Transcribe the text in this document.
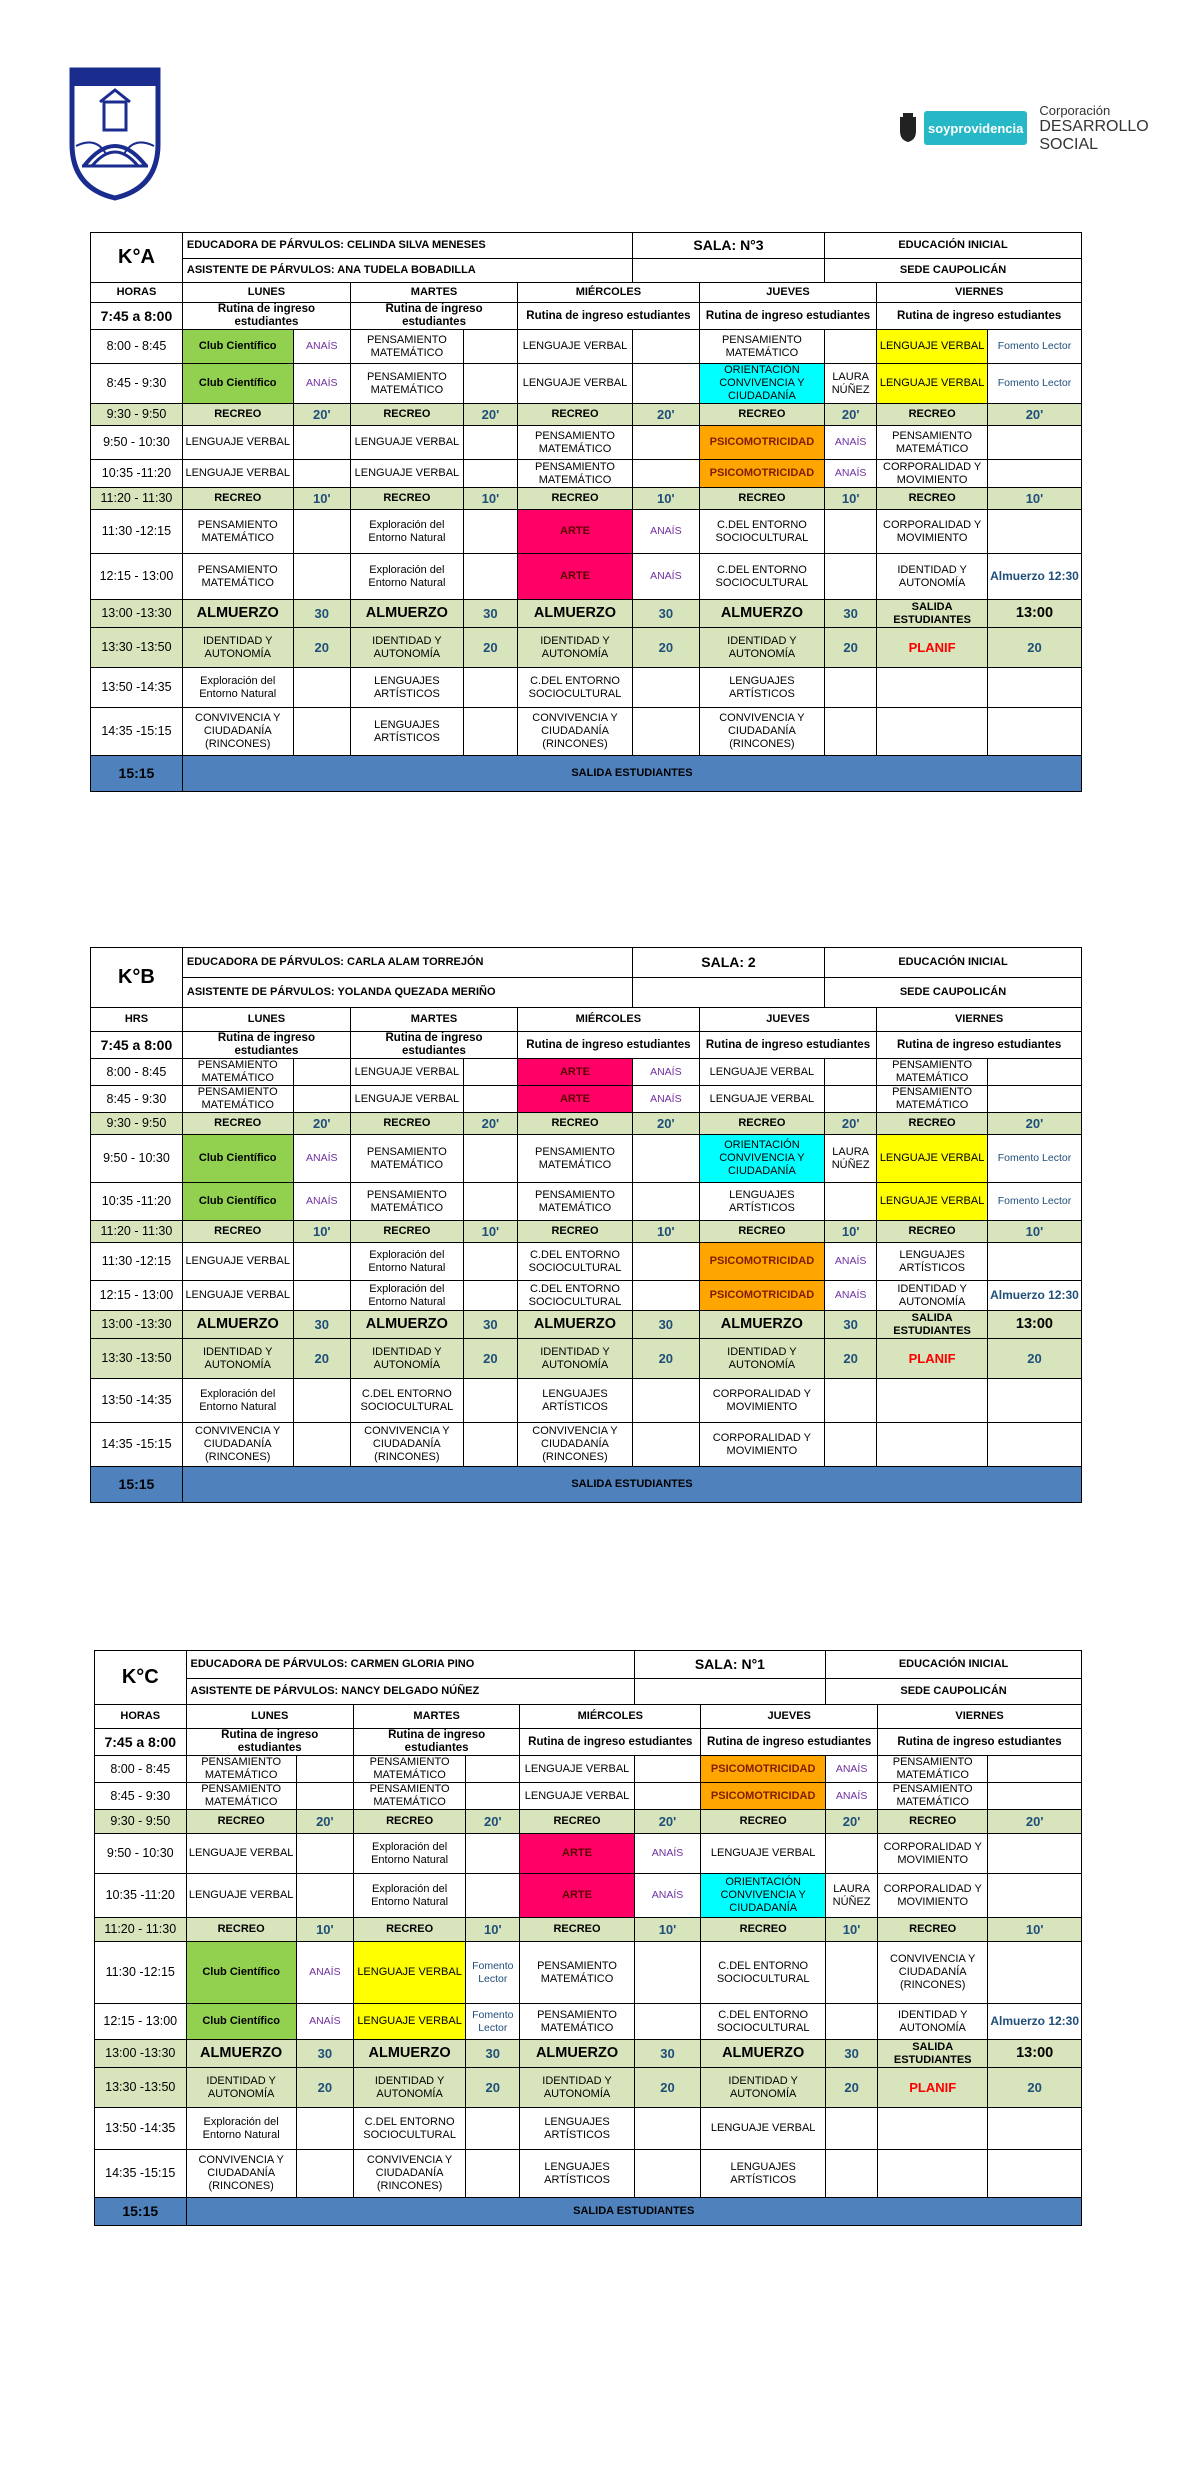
soyprovidencia
Corporación
DESARROLLO
SOCIAL
K°A	EDUCADORA DE PÁRVULOS: CELINDA SILVA MENESES					SALA: N°3		EDUCACIÓN INICIAL		
	ASISTENTE DE PÁRVULOS: ANA TUDELA BOBADILLA							SEDE CAUPOLICÁN		
HORAS	LUNES		MARTES		MIÉRCOLES		JUEVES		VIERNES	
7:45 a 8:00	Rutina de ingreso estudiantes		Rutina de ingreso estudiantes		Rutina de ingreso estudiantes		Rutina de ingreso estudiantes		Rutina de ingreso estudiantes	
8:00 - 8:45	Club Científico	ANAÍS	PENSAMIENTO MATEMÁTICO		LENGUAJE VERBAL		PENSAMIENTO MATEMÁTICO		LENGUAJE VERBAL	Fomento Lector
8:45 - 9:30	Club Científico	ANAÍS	PENSAMIENTO MATEMÁTICO		LENGUAJE VERBAL		ORIENTACIÓN CONVIVENCIA Y CIUDADANÍA	LAURA NÚÑEZ	LENGUAJE VERBAL	Fomento Lector
9:30 - 9:50	RECREO	20'	RECREO	20'	RECREO	20'	RECREO	20'	RECREO	20'
9:50 - 10:30	LENGUAJE VERBAL		LENGUAJE VERBAL		PENSAMIENTO MATEMÁTICO		PSICOMOTRICIDAD	ANAÍS	PENSAMIENTO MATEMÁTICO	
10:35 -11:20	LENGUAJE VERBAL		LENGUAJE VERBAL		PENSAMIENTO MATEMÁTICO		PSICOMOTRICIDAD	ANAÍS	CORPORALIDAD Y MOVIMIENTO	
11:20 - 11:30	RECREO	10'	RECREO	10'	RECREO	10'	RECREO	10'	RECREO	10'
11:30 -12:15	PENSAMIENTO MATEMÁTICO		Exploración del Entorno Natural		ARTE	ANAÍS	C.DEL ENTORNO SOCIOCULTURAL		CORPORALIDAD Y MOVIMIENTO	
12:15 - 13:00	PENSAMIENTO MATEMÁTICO		Exploración del Entorno Natural		ARTE	ANAÍS	C.DEL ENTORNO SOCIOCULTURAL		IDENTIDAD Y AUTONOMÍA	Almuerzo 12:30
13:00 -13:30	ALMUERZO	30	ALMUERZO	30	ALMUERZO	30	ALMUERZO	30	SALIDA ESTUDIANTES	13:00
13:30 -13:50	IDENTIDAD Y AUTONOMÍA	20	IDENTIDAD Y AUTONOMÍA	20	IDENTIDAD Y AUTONOMÍA	20	IDENTIDAD Y AUTONOMÍA	20	PLANIF	20
13:50 -14:35	Exploración del Entorno Natural		LENGUAJES ARTÍSTICOS		C.DEL ENTORNO SOCIOCULTURAL		LENGUAJES ARTÍSTICOS			
14:35 -15:15	CONVIVENCIA Y CIUDADANÍA (RINCONES)		LENGUAJES ARTÍSTICOS		CONVIVENCIA Y CIUDADANÍA (RINCONES)		CONVIVENCIA Y CIUDADANÍA (RINCONES)			
15:15	SALIDA ESTUDIANTES									
K°B	EDUCADORA DE PÁRVULOS: CARLA ALAM TORREJÓN					SALA: 2		EDUCACIÓN INICIAL		
	ASISTENTE DE PÁRVULOS: YOLANDA QUEZADA MERIÑO							SEDE CAUPOLICÁN		
HRS	LUNES		MARTES		MIÉRCOLES		JUEVES		VIERNES	
7:45 a 8:00	Rutina de ingreso estudiantes		Rutina de ingreso estudiantes		Rutina de ingreso estudiantes		Rutina de ingreso estudiantes		Rutina de ingreso estudiantes	
8:00 - 8:45	PENSAMIENTO MATEMÁTICO		LENGUAJE VERBAL		ARTE	ANAÍS	LENGUAJE VERBAL		PENSAMIENTO MATEMÁTICO	
8:45 - 9:30	PENSAMIENTO MATEMÁTICO		LENGUAJE VERBAL		ARTE	ANAÍS	LENGUAJE VERBAL		PENSAMIENTO MATEMÁTICO	
9:30 - 9:50	RECREO	20'	RECREO	20'	RECREO	20'	RECREO	20'	RECREO	20'
9:50 - 10:30	Club Científico	ANAÍS	PENSAMIENTO MATEMÁTICO		PENSAMIENTO MATEMÁTICO		ORIENTACIÓN CONVIVENCIA Y CIUDADANÍA	LAURA NÚÑEZ	LENGUAJE VERBAL	Fomento Lector
10:35 -11:20	Club Científico	ANAÍS	PENSAMIENTO MATEMÁTICO		PENSAMIENTO MATEMÁTICO		LENGUAJES ARTÍSTICOS		LENGUAJE VERBAL	Fomento Lector
11:20 - 11:30	RECREO	10'	RECREO	10'	RECREO	10'	RECREO	10'	RECREO	10'
11:30 -12:15	LENGUAJE VERBAL		Exploración del Entorno Natural		C.DEL ENTORNO SOCIOCULTURAL		PSICOMOTRICIDAD	ANAÍS	LENGUAJES ARTÍSTICOS	
12:15 - 13:00	LENGUAJE VERBAL		Exploración del Entorno Natural		C.DEL ENTORNO SOCIOCULTURAL		PSICOMOTRICIDAD	ANAÍS	IDENTIDAD Y AUTONOMÍA	Almuerzo 12:30
13:00 -13:30	ALMUERZO	30	ALMUERZO	30	ALMUERZO	30	ALMUERZO	30	SALIDA ESTUDIANTES	13:00
13:30 -13:50	IDENTIDAD Y AUTONOMÍA	20	IDENTIDAD Y AUTONOMÍA	20	IDENTIDAD Y AUTONOMÍA	20	IDENTIDAD Y AUTONOMÍA	20	PLANIF	20
13:50 -14:35	Exploración del Entorno Natural		C.DEL ENTORNO SOCIOCULTURAL		LENGUAJES ARTÍSTICOS		CORPORALIDAD Y MOVIMIENTO			
14:35 -15:15	CONVIVENCIA Y CIUDADANÍA (RINCONES)		CONVIVENCIA Y CIUDADANÍA (RINCONES)		CONVIVENCIA Y CIUDADANÍA (RINCONES)		CORPORALIDAD Y MOVIMIENTO			
15:15	SALIDA ESTUDIANTES									
K°C	EDUCADORA DE PÁRVULOS: CARMEN GLORIA PINO					SALA: N°1		EDUCACIÓN INICIAL		
	ASISTENTE DE PÁRVULOS: NANCY DELGADO NÚÑEZ							SEDE CAUPOLICÁN		
HORAS	LUNES		MARTES		MIÉRCOLES		JUEVES		VIERNES	
7:45 a 8:00	Rutina de ingreso estudiantes		Rutina de ingreso estudiantes		Rutina de ingreso estudiantes		Rutina de ingreso estudiantes		Rutina de ingreso estudiantes	
8:00 - 8:45	PENSAMIENTO MATEMÁTICO		PENSAMIENTO MATEMÁTICO		LENGUAJE VERBAL		PSICOMOTRICIDAD	ANAÍS	PENSAMIENTO MATEMÁTICO	
8:45 - 9:30	PENSAMIENTO MATEMÁTICO		PENSAMIENTO MATEMÁTICO		LENGUAJE VERBAL		PSICOMOTRICIDAD	ANAÍS	PENSAMIENTO MATEMÁTICO	
9:30 - 9:50	RECREO	20'	RECREO	20'	RECREO	20'	RECREO	20'	RECREO	20'
9:50 - 10:30	LENGUAJE VERBAL		Exploración del Entorno Natural		ARTE	ANAÍS	LENGUAJE VERBAL		CORPORALIDAD Y MOVIMIENTO	
10:35 -11:20	LENGUAJE VERBAL		Exploración del Entorno Natural		ARTE	ANAÍS	ORIENTACIÓN CONVIVENCIA Y CIUDADANÍA	LAURA NÚÑEZ	CORPORALIDAD Y MOVIMIENTO	
11:20 - 11:30	RECREO	10'	RECREO	10'	RECREO	10'	RECREO	10'	RECREO	10'
11:30 -12:15	Club Científico	ANAÍS	LENGUAJE VERBAL	Fomento Lector	PENSAMIENTO MATEMÁTICO		C.DEL ENTORNO SOCIOCULTURAL		CONVIVENCIA Y CIUDADANÍA (RINCONES)	
12:15 - 13:00	Club Científico	ANAÍS	LENGUAJE VERBAL	Fomento Lector	PENSAMIENTO MATEMÁTICO		C.DEL ENTORNO SOCIOCULTURAL		IDENTIDAD Y AUTONOMÍA	Almuerzo 12:30
13:00 -13:30	ALMUERZO	30	ALMUERZO	30	ALMUERZO	30	ALMUERZO	30	SALIDA ESTUDIANTES	13:00
13:30 -13:50	IDENTIDAD Y AUTONOMÍA	20	IDENTIDAD Y AUTONOMÍA	20	IDENTIDAD Y AUTONOMÍA	20	IDENTIDAD Y AUTONOMÍA	20	PLANIF	20
13:50 -14:35	Exploración del Entorno Natural		C.DEL ENTORNO SOCIOCULTURAL		LENGUAJES ARTÍSTICOS		LENGUAJE VERBAL			
14:35 -15:15	CONVIVENCIA Y CIUDADANÍA (RINCONES)		CONVIVENCIA Y CIUDADANÍA (RINCONES)		LENGUAJES ARTÍSTICOS		LENGUAJES ARTÍSTICOS			
15:15	SALIDA ESTUDIANTES									
